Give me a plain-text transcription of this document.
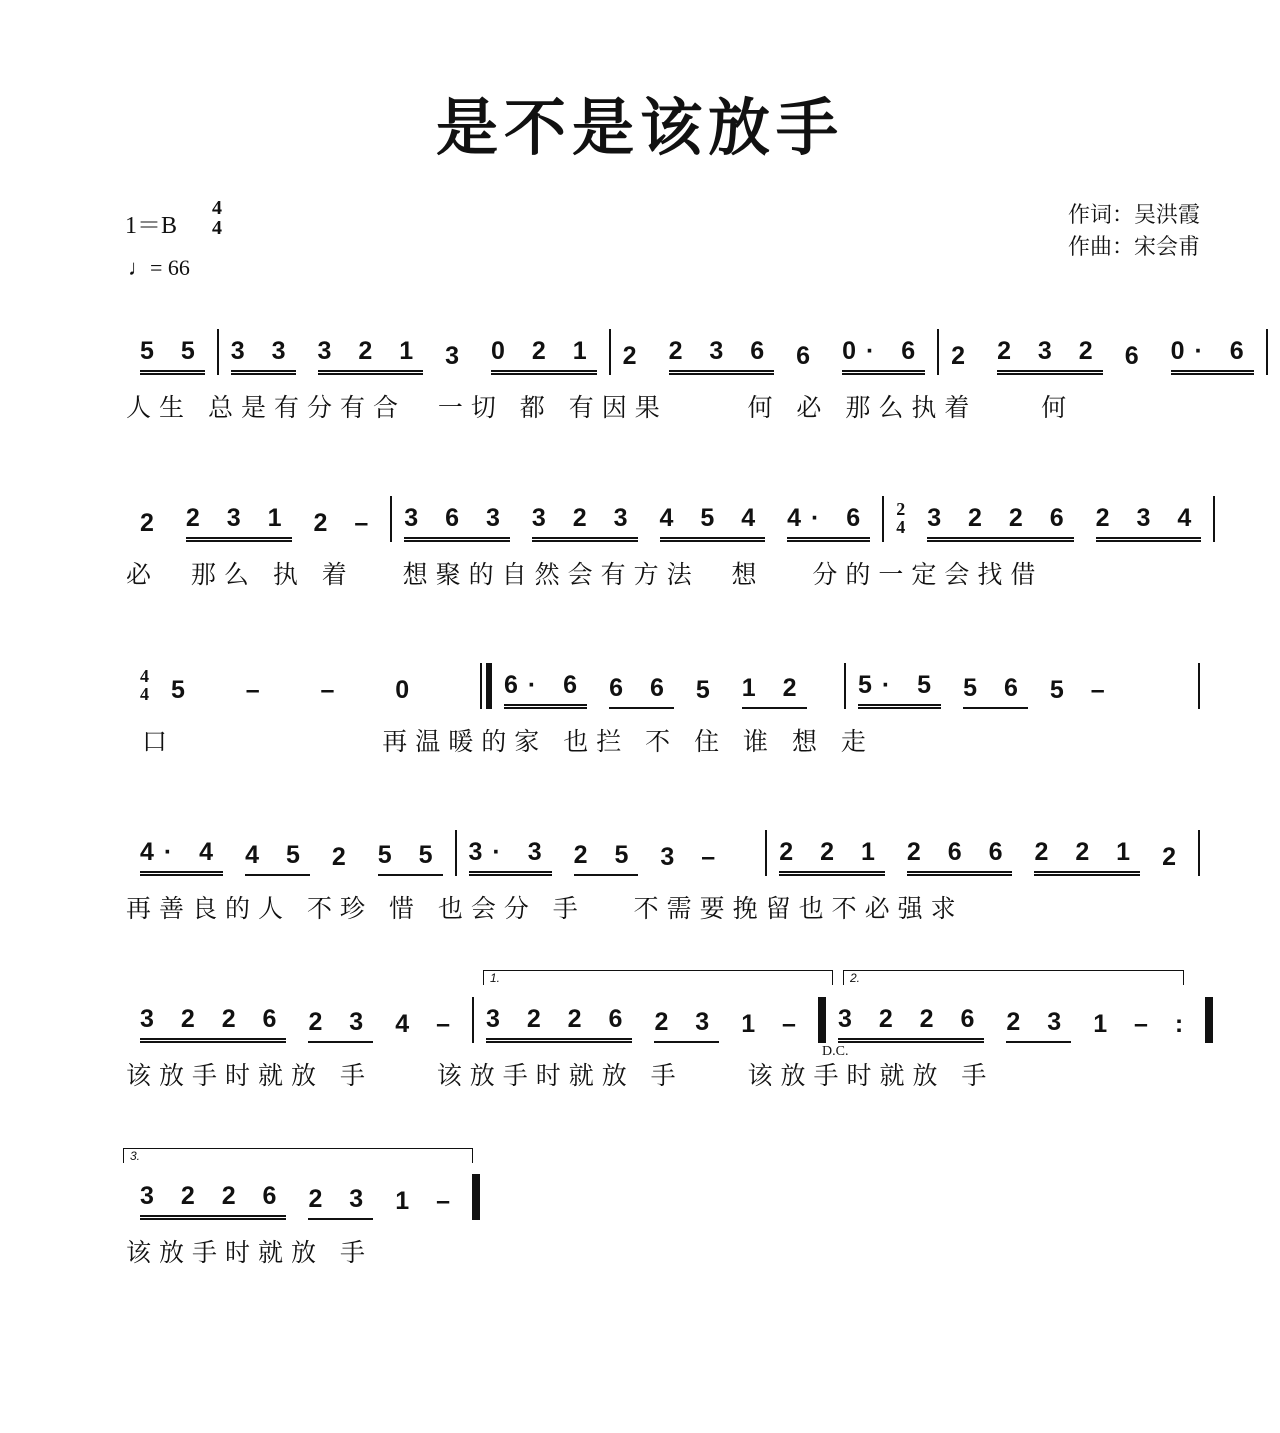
是不是该放手
1＝B
4
4
♩= 66
作词：吴洪霞
作曲：宋会甫
5 5 3 3 3 2 1 3 0 2 1 2 2 3 6 6 0· 6 2 2 3 2 6 0· 6
人生 总是有分有合  一切 都 有因果     何 必 那么执着    何
2 2 3 1 2 – 3 6 3 3 2 3 4 5 4 4· 6 2
4 3 2 2 6 2 3 4
必  那么 执 着   想聚的自然会有方法  想   分的一定会找借
4
4 5   –   –   0	6· 6 6 6 5 1 2 5· 5 5 6 5 –
口             再温暖的家 也拦 不 住 谁 想 走
4· 4 4 5 2 5 5 3· 3 2 5 3 – 2 2 1 2 6 6 2 2 1 2
再善良的人 不珍 惜 也会分 手   不需要挽留也不必强求
3 2 2 6 2 3 4 – 3 2 2 6 2 3 1 – 3 2 2 6 2 3 1 – :
该放手时就放 手    该放手时就放 手    该放手时就放 手
3 2 2 6 2 3 1 –
该放手时就放 手
1.	2.
3.
D.C.
